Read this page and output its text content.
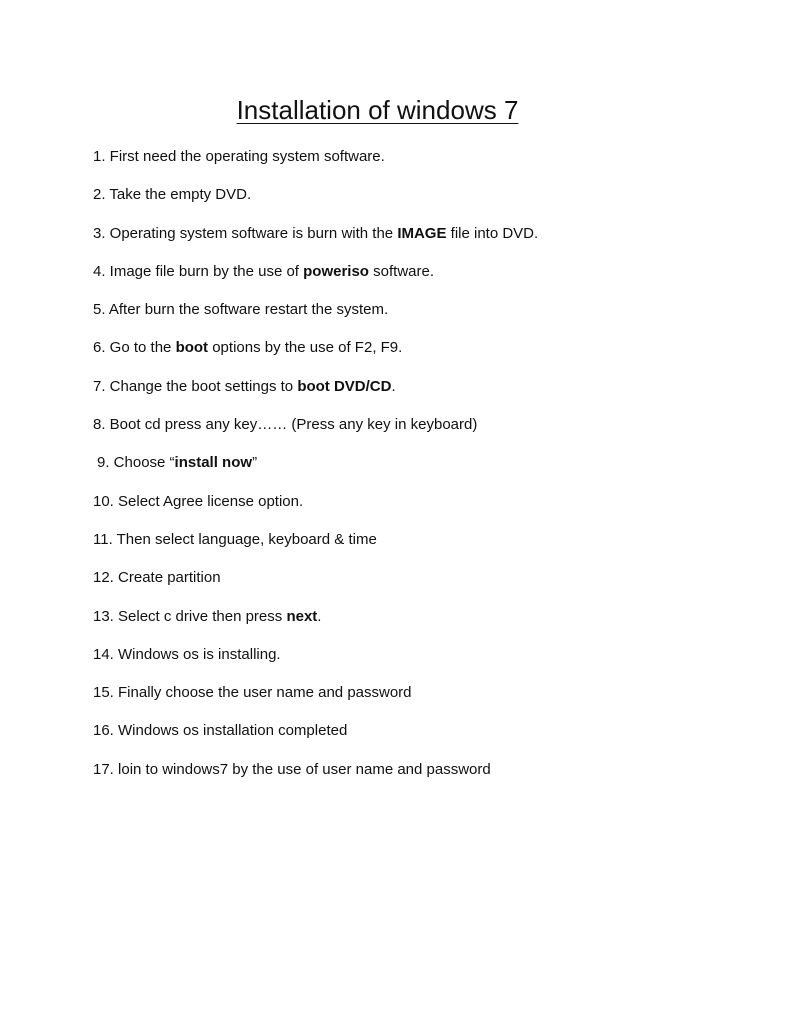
Installation of windows 7
1. First need the operating system software.
2. Take the empty DVD.
3. Operating system software is burn with the IMAGE file into DVD.
4. Image file burn by the use of poweriso software.
5. After burn the software restart the system.
6. Go to the boot options by the use of F2, F9.
7. Change the boot settings to boot DVD/CD.
8. Boot cd press any key…… (Press any key in keyboard)
9. Choose “install now”
10. Select Agree license option.
11. Then select language, keyboard & time
12. Create partition
13. Select c drive then press next.
14. Windows os is installing.
15. Finally choose the user name and password
16. Windows os installation completed
17. loin to windows7 by the use of user name and password
